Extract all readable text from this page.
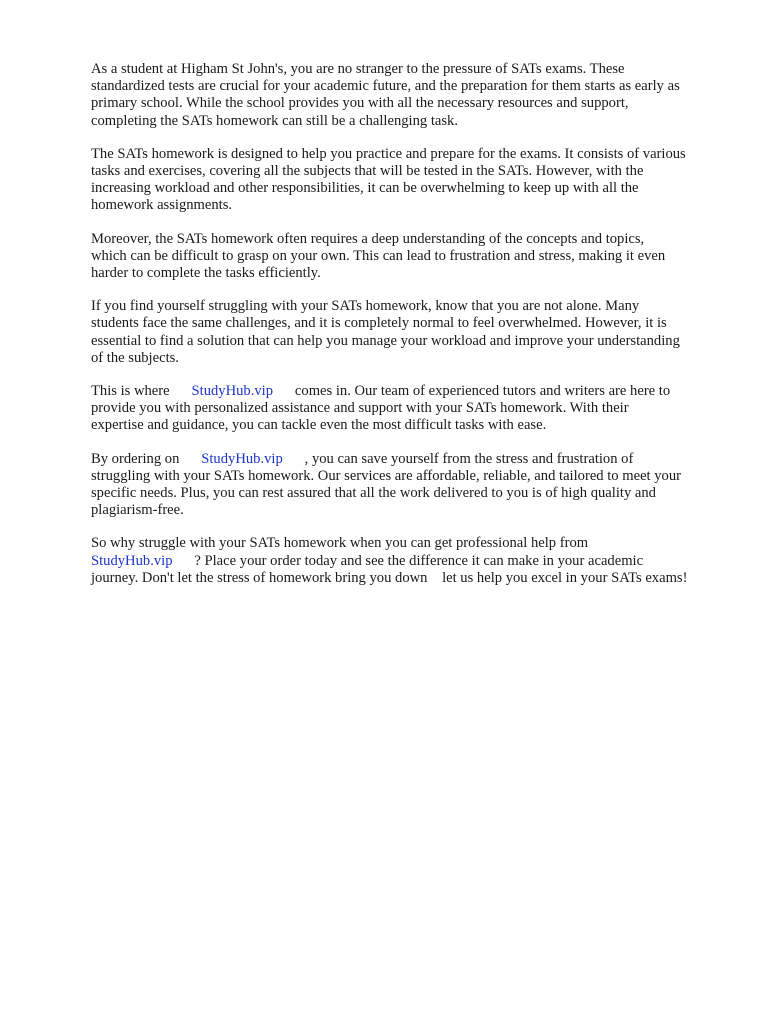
As a student at Higham St John's, you are no stranger to the pressure of SATs exams. These
standardized tests are crucial for your academic future, and the preparation for them starts as early as
primary school. While the school provides you with all the necessary resources and support,
completing the SATs homework can still be a challenging task.

The SATs homework is designed to help you practice and prepare for the exams. It consists of various
tasks and exercises, covering all the subjects that will be tested in the SATs. However, with the
increasing workload and other responsibilities, it can be overwhelming to keep up with all the
homework assignments.

Moreover, the SATs homework often requires a deep understanding of the concepts and topics,
which can be difficult to grasp on your own. This can lead to frustration and stress, making it even
harder to complete the tasks efficiently.

If you find yourself struggling with your SATs homework, know that you are not alone. Many
students face the same challenges, and it is completely normal to feel overwhelmed. However, it is
essential to find a solution that can help you manage your workload and improve your understanding
of the subjects.

This is where      StudyHub.vip      comes in. Our team of experienced tutors and writers are here to
provide you with personalized assistance and support with your SATs homework. With their
expertise and guidance, you can tackle even the most difficult tasks with ease.

By ordering on      StudyHub.vip      , you can save yourself from the stress and frustration of
struggling with your SATs homework. Our services are affordable, reliable, and tailored to meet your
specific needs. Plus, you can rest assured that all the work delivered to you is of high quality and
plagiarism-free.

So why struggle with your SATs homework when you can get professional help from
StudyHub.vip      ? Place your order today and see the difference it can make in your academic
journey. Don't let the stress of homework bring you down    let us help you excel in your SATs exams!
